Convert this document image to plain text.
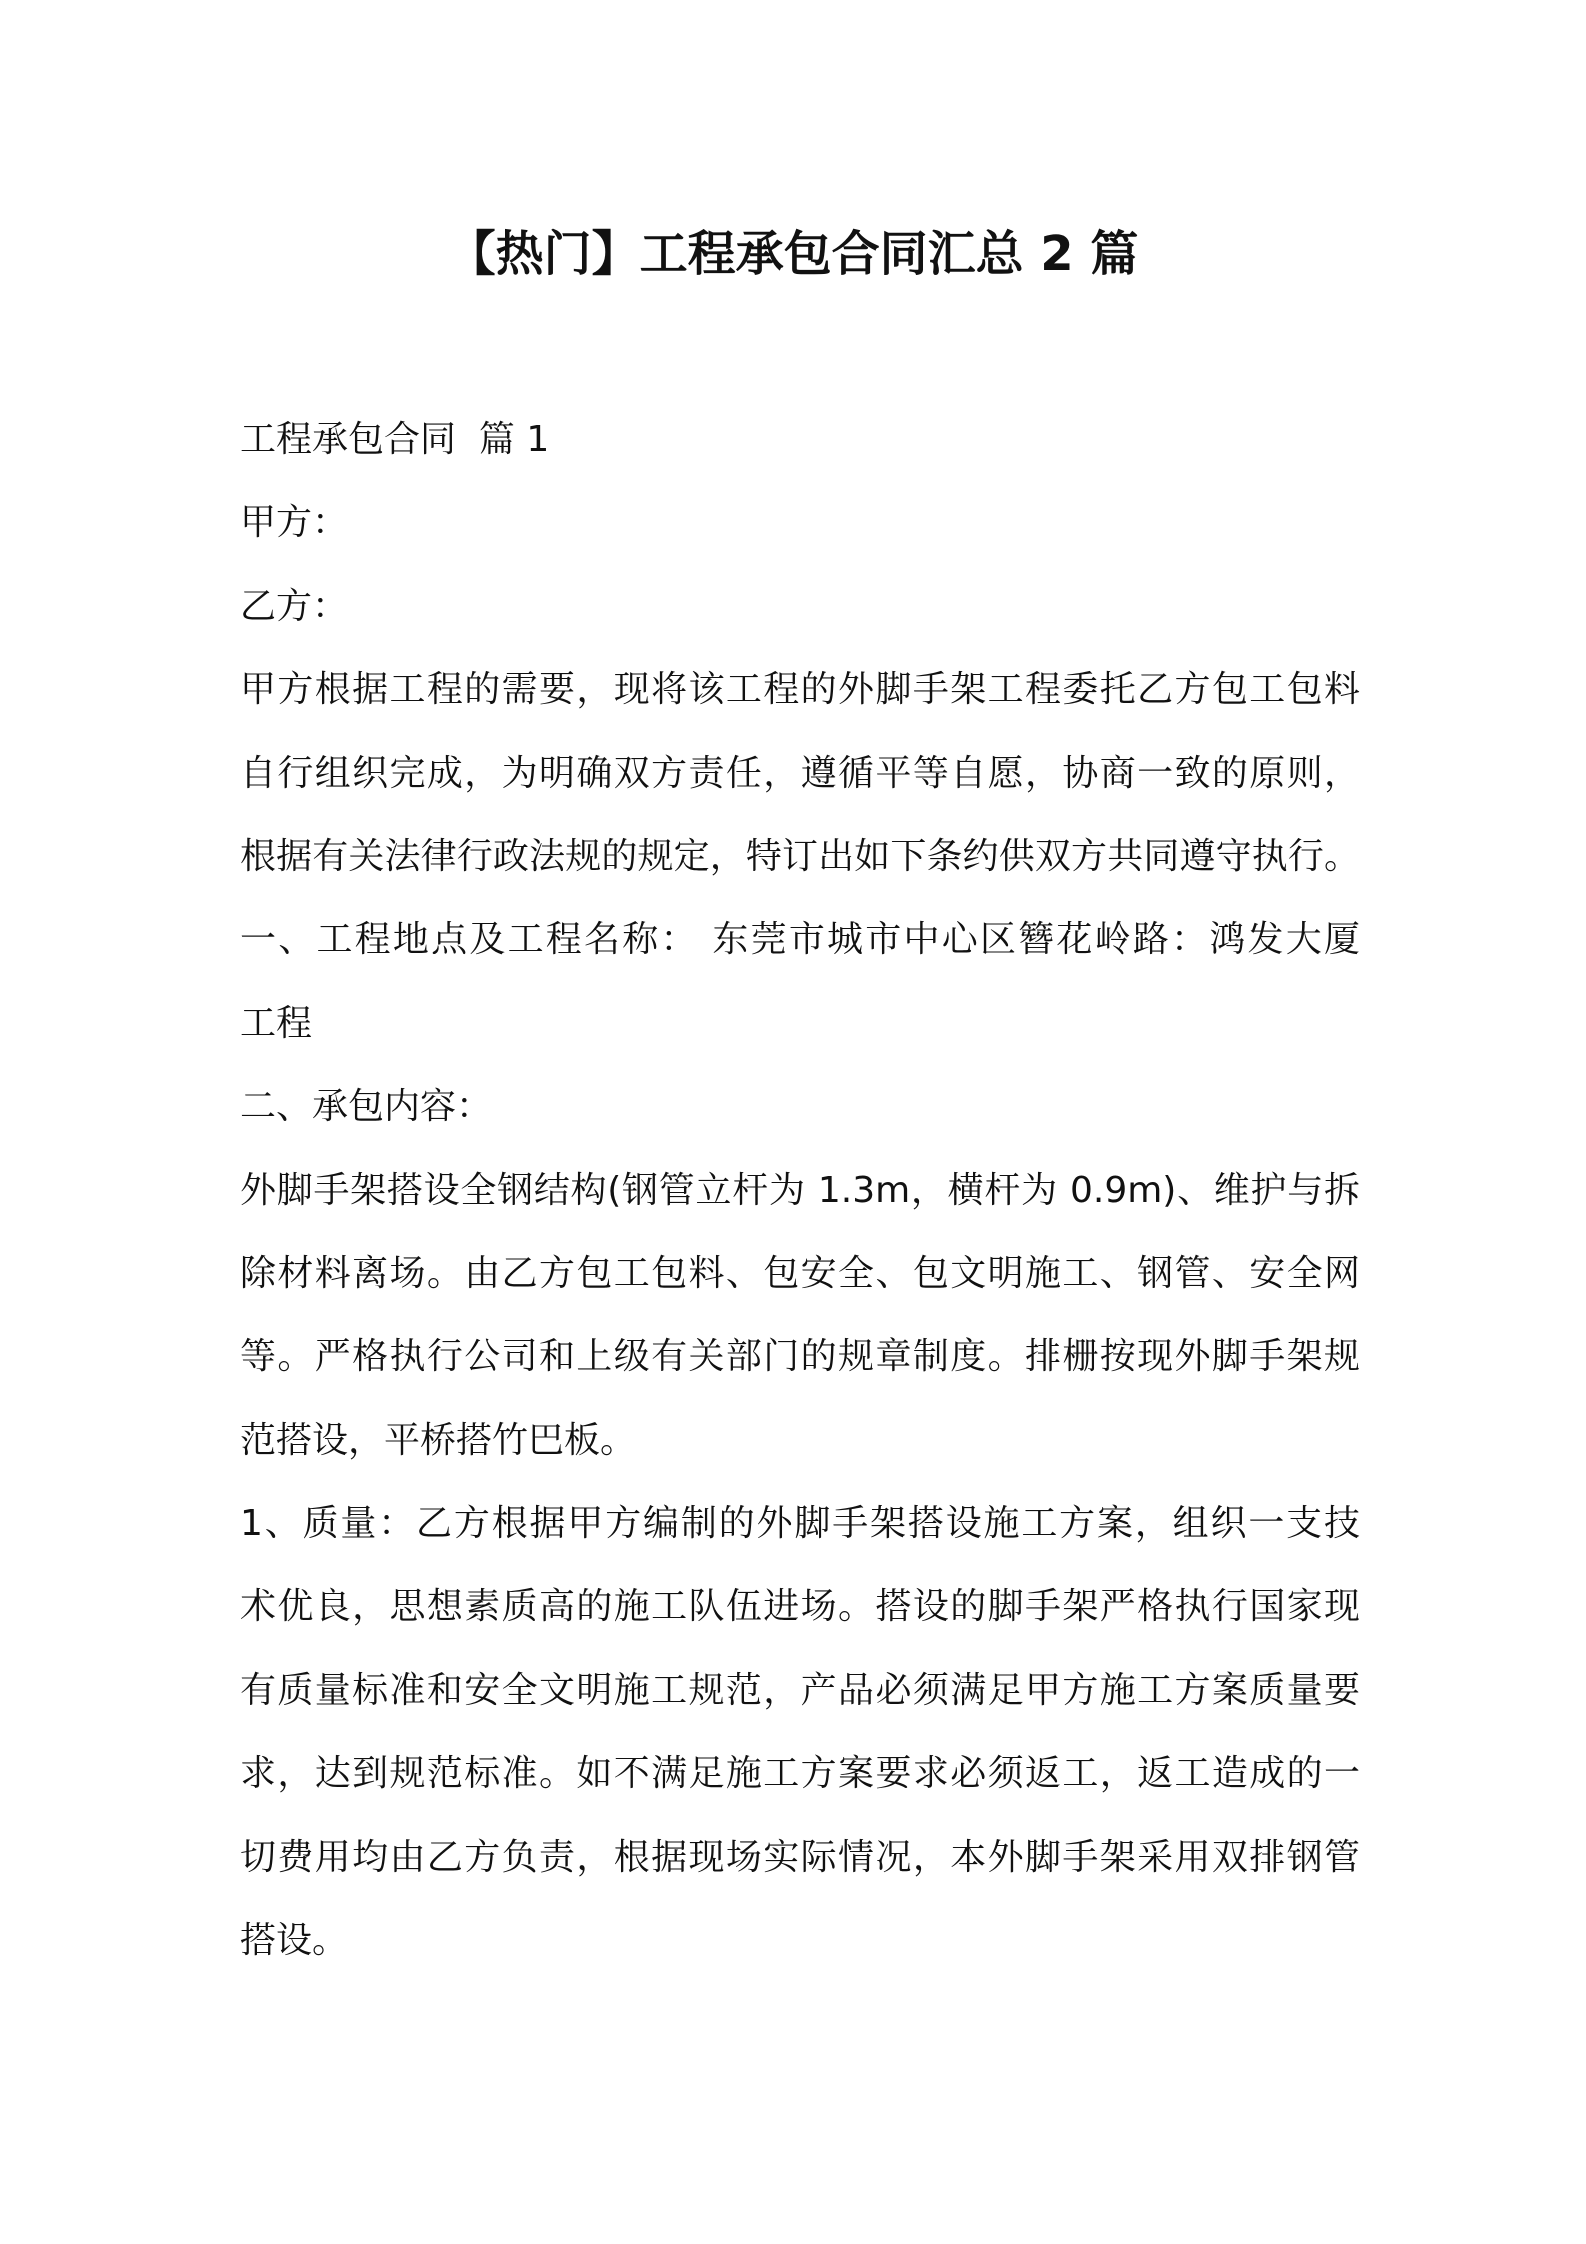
【热门】工程承包合同汇总 2 篇
工程承包合同  篇 1
甲方：
乙方：
甲方根据工程的需要，现将该工程的外脚手架工程委托乙方包工包料
自行组织完成，为明确双方责任，遵循平等自愿，协商一致的原则，
根据有关法律行政法规的规定，特订出如下条约供双方共同遵守执行。
一、工程地点及工程名称： 东莞市城市中心区簪花岭路：鸿发大厦
工程
二、承包内容：
外脚手架搭设全钢结构(钢管立杆为 1.3m，横杆为 0.9m)、维护与拆
除材料离场。由乙方包工包料、包安全、包文明施工、钢管、安全网
等。严格执行公司和上级有关部门的规章制度。排栅按现外脚手架规
范搭设，平桥搭竹巴板。
1、质量：乙方根据甲方编制的外脚手架搭设施工方案，组织一支技
术优良，思想素质高的施工队伍进场。搭设的脚手架严格执行国家现
有质量标准和安全文明施工规范，产品必须满足甲方施工方案质量要
求，达到规范标准。如不满足施工方案要求必须返工，返工造成的一
切费用均由乙方负责，根据现场实际情况，本外脚手架采用双排钢管
搭设。
